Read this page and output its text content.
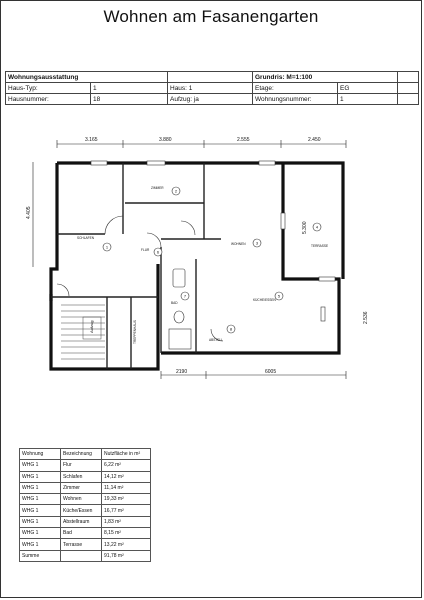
Wohnen am Fasanengarten
Wohnungsausstattung			Grundris: M=1:100		
Haus-Typ:	1	Haus: 1	Etage:	EG	
Hausnummer:	18	Aufzug: ja	Wohnungsnummer:	1	
3.165	3.880	2.555	2.450
2190	6005
4.405
5.300
2.536
SCHLAFEN
ZIMMER
WOHNEN	TERRASSE
KÜCHE/ESSEN
FLUR
BAD
ABSTELL
TREPPENHAUS
Aufzug
1
2
3
4
5
6
7
8
Wohnung	Bezeichnung	Nutzfläche in m²
WHG 1	Flur	6,22 m²
WHG 1	Schlafen	14,12 m²
WHG 1	Zimmer	11,14 m²
WHG 1	Wohnen	19,33 m²
WHG 1	Küche/Essen	16,77 m²
WHG 1	Abstellraum	1,83 m²
WHG 1	Bad	8,15 m²
WHG 1	Terrasse	13,22 m²
Summe		91,78 m²
